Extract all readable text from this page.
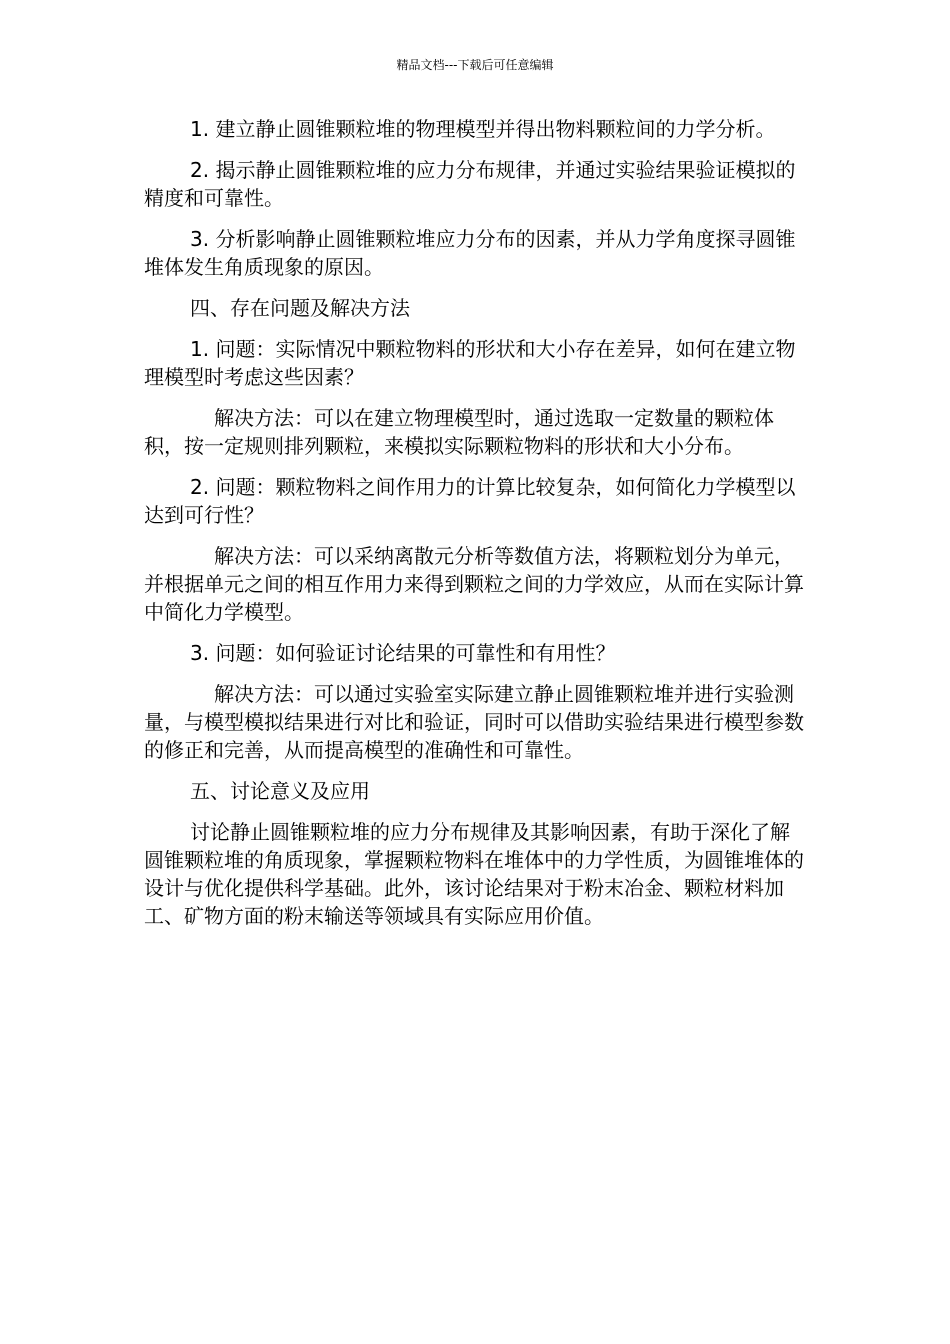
精品文档---下载后可任意编辑

1. 建立静止圆锥颗粒堆的物理模型并得出物料颗粒间的力学分析。

2. 揭示静止圆锥颗粒堆的应力分布规律，并通过实验结果验证模拟的精度和可靠性。

3. 分析影响静止圆锥颗粒堆应力分布的因素，并从力学角度探寻圆锥堆体发生角质现象的原因。

四、存在问题及解决方法

1. 问题：实际情况中颗粒物料的形状和大小存在差异，如何在建立物理模型时考虑这些因素？

解决方法：可以在建立物理模型时，通过选取一定数量的颗粒体积，按一定规则排列颗粒，来模拟实际颗粒物料的形状和大小分布。

2. 问题：颗粒物料之间作用力的计算比较复杂，如何简化力学模型以达到可行性？

解决方法：可以采纳离散元分析等数值方法，将颗粒划分为单元，并根据单元之间的相互作用力来得到颗粒之间的力学效应，从而在实际计算中简化力学模型。

3. 问题：如何验证讨论结果的可靠性和有用性？

解决方法：可以通过实验室实际建立静止圆锥颗粒堆并进行实验测量，与模型模拟结果进行对比和验证，同时可以借助实验结果进行模型参数的修正和完善，从而提高模型的准确性和可靠性。

五、讨论意义及应用

讨论静止圆锥颗粒堆的应力分布规律及其影响因素，有助于深化了解圆锥颗粒堆的角质现象，掌握颗粒物料在堆体中的力学性质，为圆锥堆体的设计与优化提供科学基础。此外，该讨论结果对于粉末冶金、颗粒材料加工、矿物方面的粉末输送等领域具有实际应用价值。
